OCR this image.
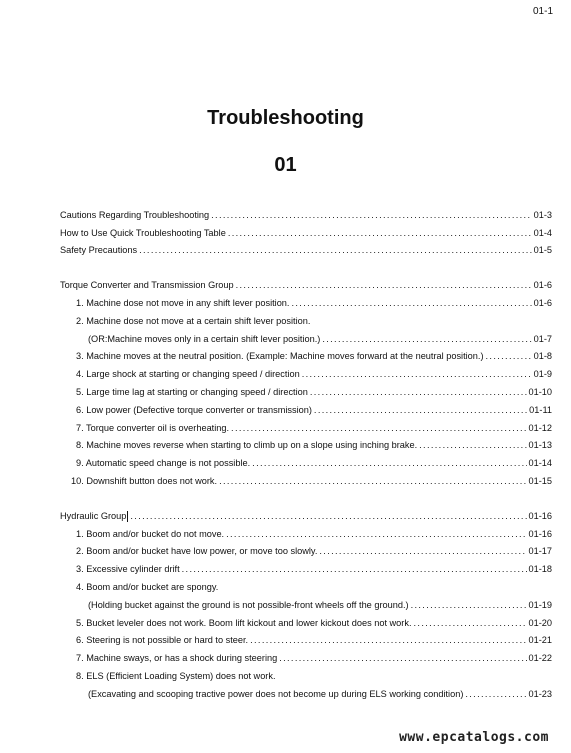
01-1
Troubleshooting
01
Cautions Regarding Troubleshooting . . .	01-3
How to Use Quick Troubleshooting Table . . .	01-4
Safety Precautions . . .	01-5
Torque Converter and Transmission Group . . .	01-6
1. Machine dose not move in any shift lever position. . . .	01-6
2. Machine dose not move at a certain shift lever position.
(OR:Machine moves only in a certain shift lever position.) . . .	01-7
3. Machine moves at the neutral position. (Example: Machine moves forward at the neutral position.) . . .	01-8
4. Large shock at starting or changing speed / direction . . .	01-9
5. Large time lag at starting or changing speed / direction . . .	01-10
6. Low power (Defective torque converter or transmission) . . .	01-11
7. Torque converter oil is overheating. . . .	01-12
8. Machine moves reverse when starting to climb up on a slope using inching brake. . . .	01-13
9. Automatic speed change is not possible. . . .	01-14
10. Downshift button does not work. . . .	01-15
Hydraulic Group . . .	01-16
1. Boom and/or bucket do not move. . . .	01-16
2. Boom and/or bucket have low power, or move too slowly. . . .	01-17
3. Excessive cylinder drift . . .	01-18
4. Boom and/or bucket are spongy.
(Holding bucket against the ground is not possible-front wheels off the ground.) . . .	01-19
5. Bucket leveler does not work. Boom lift kickout and lower kickout does not work. . . .	01-20
6. Steering is not possible or hard to steer. . . .	01-21
7. Machine sways, or has a shock during steering . . .	01-22
8. ELS (Efficient Loading System) does not work.
(Excavating and scooping tractive power does not become up during ELS working condition) . . .	01-23
www.epcatalogs.com
